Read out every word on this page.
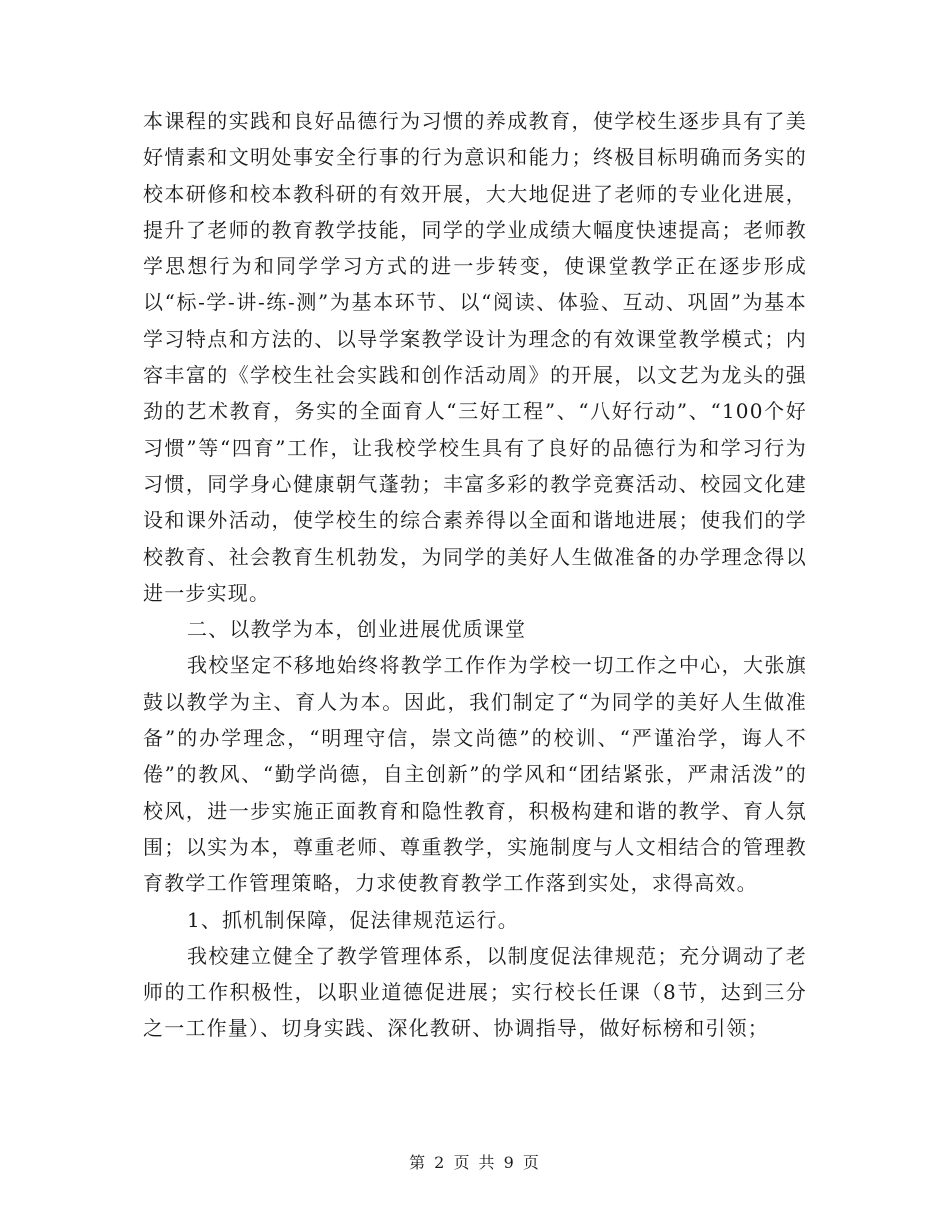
本课程的实践和良好品德行为习惯的养成教育，使学校生逐步具有了美好情素和文明处事安全行事的行为意识和能力；终极目标明确而务实的校本研修和校本教科研的有效开展，大大地促进了老师的专业化进展，提升了老师的教育教学技能，同学的学业成绩大幅度快速提高；老师教学思想行为和同学学习方式的进一步转变，使课堂教学正在逐步形成以“标-学-讲-练-测”为基本环节、以“阅读、体验、互动、巩固”为基本学习特点和方法的、以导学案教学设计为理念的有效课堂教学模式；内容丰富的《学校生社会实践和创作活动周》的开展，以文艺为龙头的强劲的艺术教育，务实的全面育人“三好工程”、“八好行动”、“100个好习惯”等“四育”工作，让我校学校生具有了良好的品德行为和学习行为习惯，同学身心健康朝气蓬勃；丰富多彩的教学竞赛活动、校园文化建设和课外活动，使学校生的综合素养得以全面和谐地进展；使我们的学校教育、社会教育生机勃发，为同学的美好人生做准备的办学理念得以进一步实现。

二、以教学为本，创业进展优质课堂

我校坚定不移地始终将教学工作作为学校一切工作之中心，大张旗鼓以教学为主、育人为本。因此，我们制定了“为同学的美好人生做准备”的办学理念，“明理守信，崇文尚德”的校训、“严谨治学，诲人不倦”的教风、“勤学尚德，自主创新”的学风和“团结紧张，严肃活泼”的校风，进一步实施正面教育和隐性教育，积极构建和谐的教学、育人氛围；以实为本，尊重老师、尊重教学，实施制度与人文相结合的管理教育教学工作管理策略，力求使教育教学工作落到实处，求得高效。

1、抓机制保障，促法律规范运行。

我校建立健全了教学管理体系，以制度促法律规范；充分调动了老师的工作积极性，以职业道德促进展；实行校长任课（8节，达到三分之一工作量）、切身实践、深化教研、协调指导，做好标榜和引领；

第 2 页 共 9 页
